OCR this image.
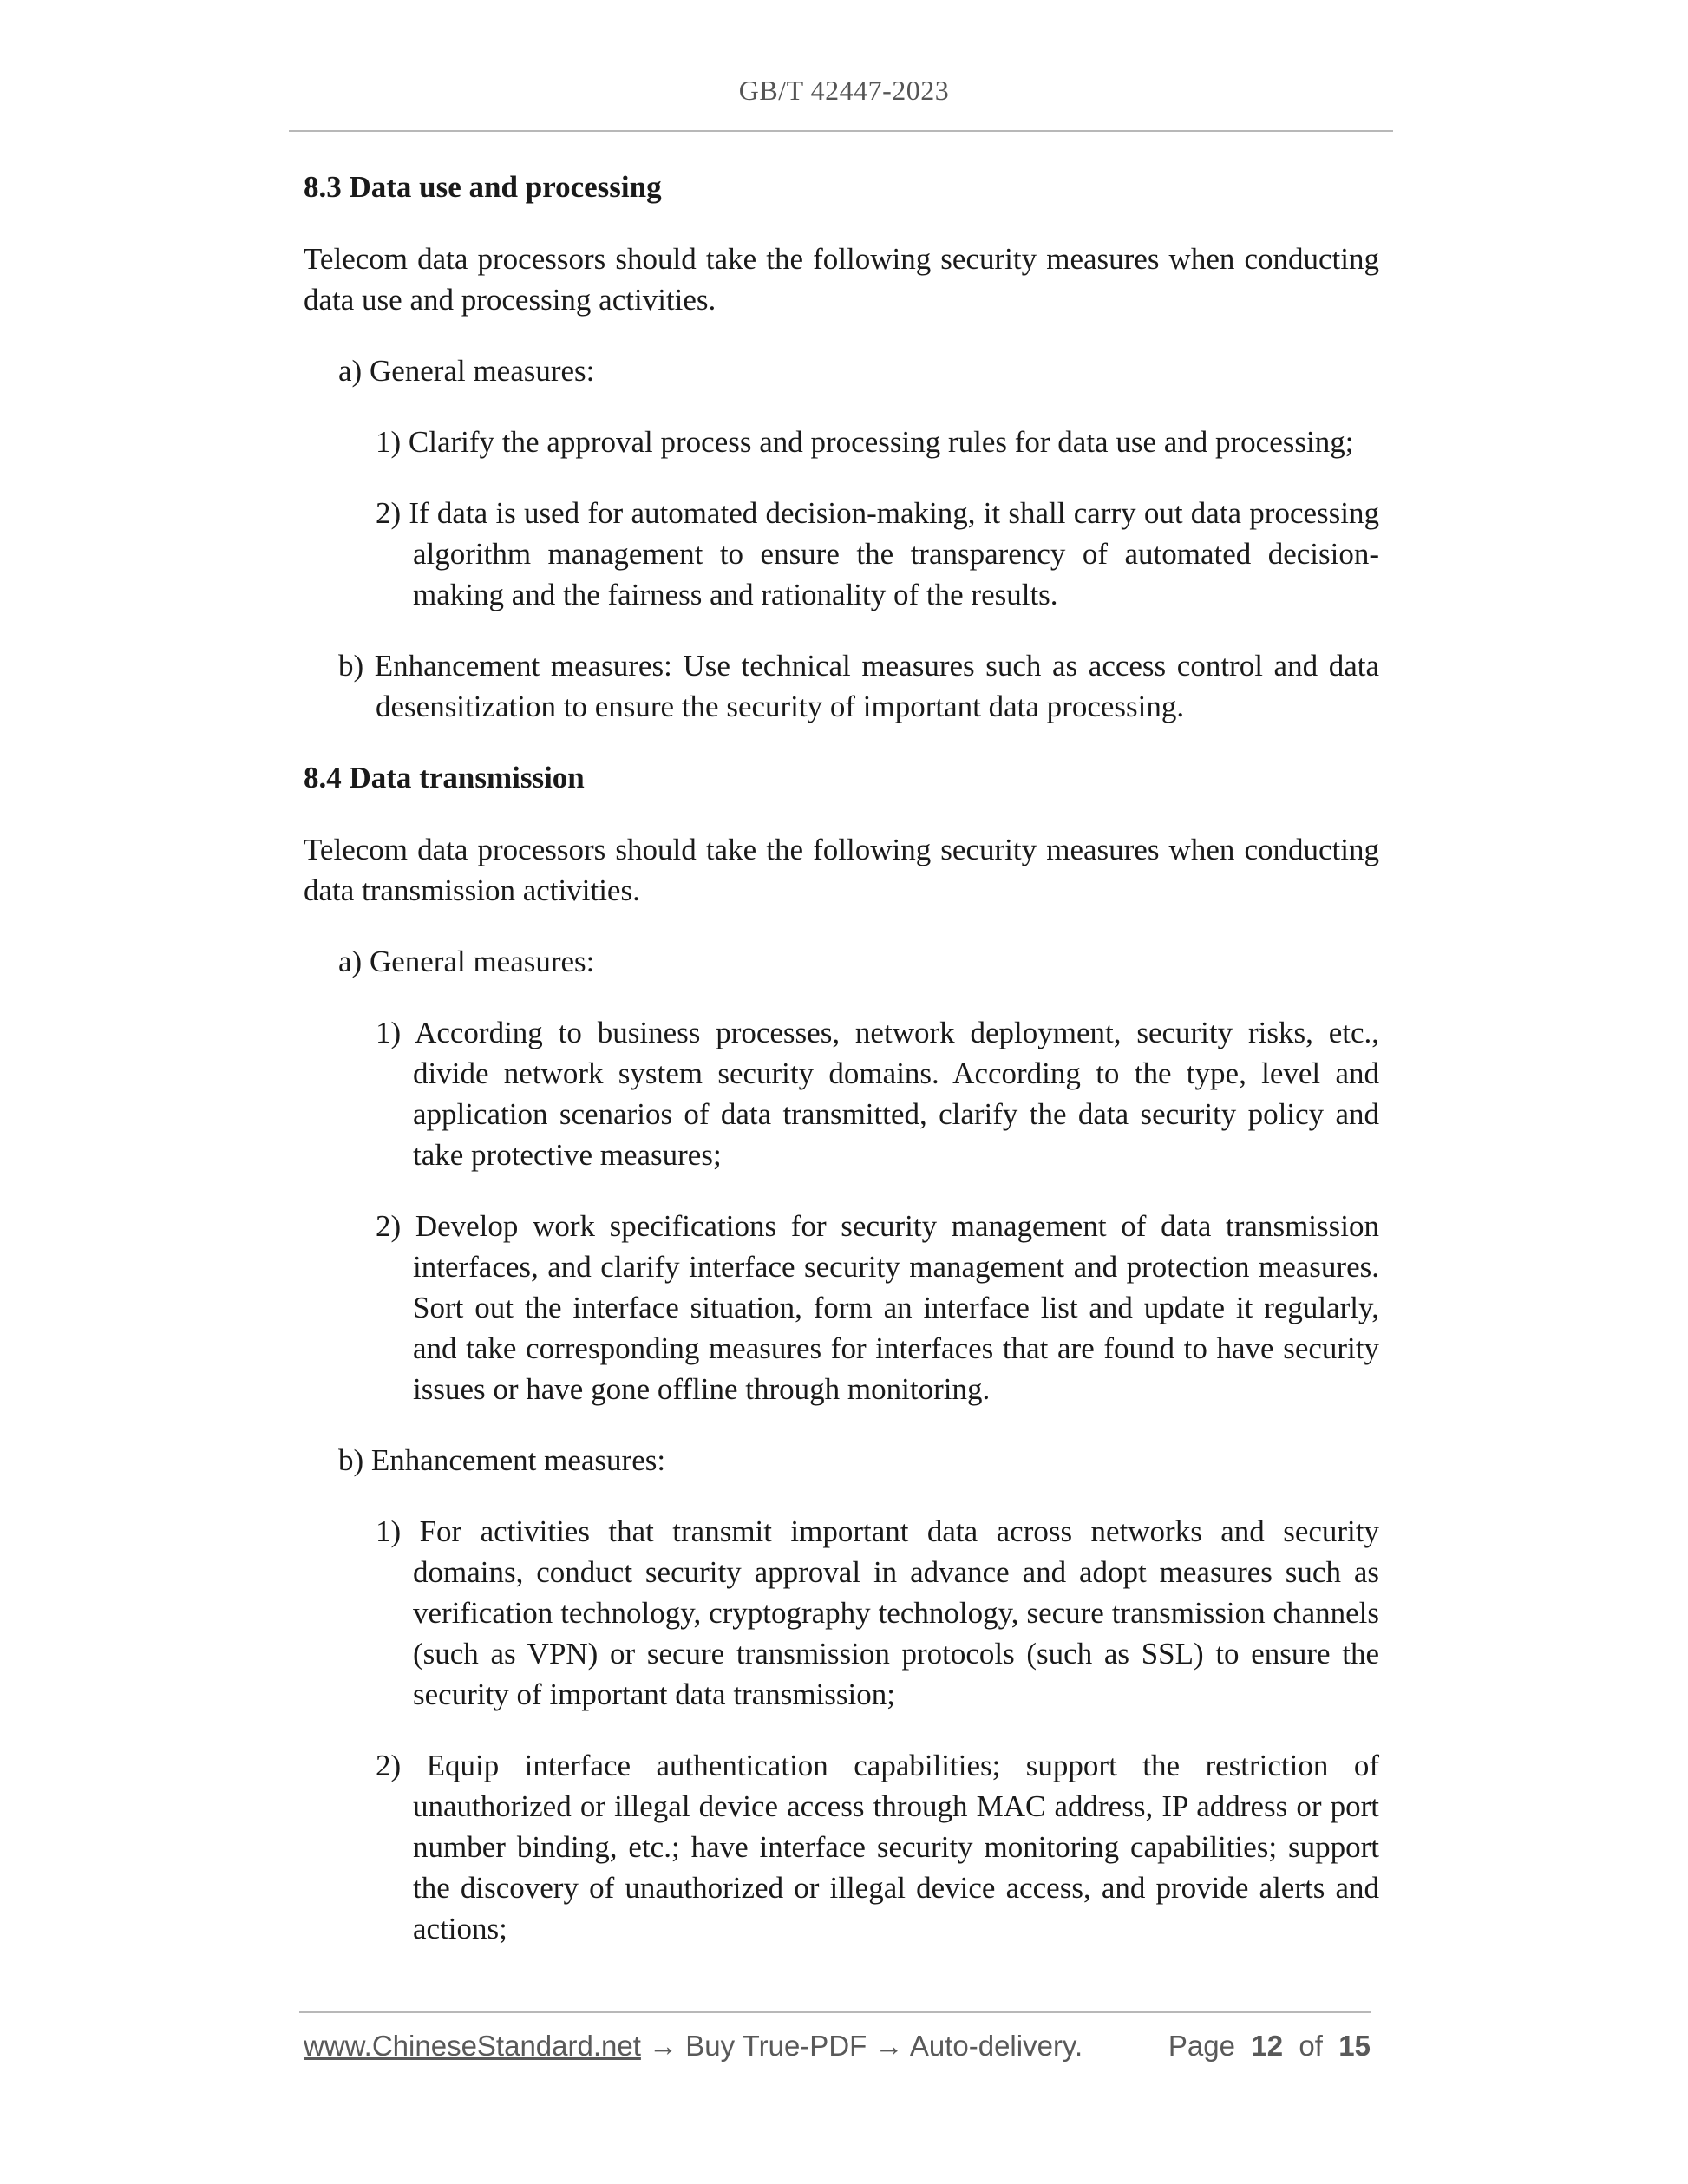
GB/T 42447-2023

8.3 Data use and processing

Telecom data processors should take the following security measures when conducting data use and processing activities.

a) General measures:

1) Clarify the approval process and processing rules for data use and processing;

2) If data is used for automated decision-making, it shall carry out data processing algorithm management to ensure the transparency of automated decision-making and the fairness and rationality of the results.

b) Enhancement measures: Use technical measures such as access control and data desensitization to ensure the security of important data processing.

8.4 Data transmission

Telecom data processors should take the following security measures when conducting data transmission activities.

a) General measures:

1) According to business processes, network deployment, security risks, etc., divide network system security domains. According to the type, level and application scenarios of data transmitted, clarify the data security policy and take protective measures;

2) Develop work specifications for security management of data transmission interfaces, and clarify interface security management and protection measures. Sort out the interface situation, form an interface list and update it regularly, and take corresponding measures for interfaces that are found to have security issues or have gone offline through monitoring.

b) Enhancement measures:

1) For activities that transmit important data across networks and security domains, conduct security approval in advance and adopt measures such as verification technology, cryptography technology, secure transmission channels (such as VPN) or secure transmission protocols (such as SSL) to ensure the security of important data transmission;

2) Equip interface authentication capabilities; support the restriction of unauthorized or illegal device access through MAC address, IP address or port number binding, etc.; have interface security monitoring capabilities; support the discovery of unauthorized or illegal device access, and provide alerts and actions;

www.ChineseStandard.net → Buy True-PDF → Auto-delivery.	Page 12 of 15
